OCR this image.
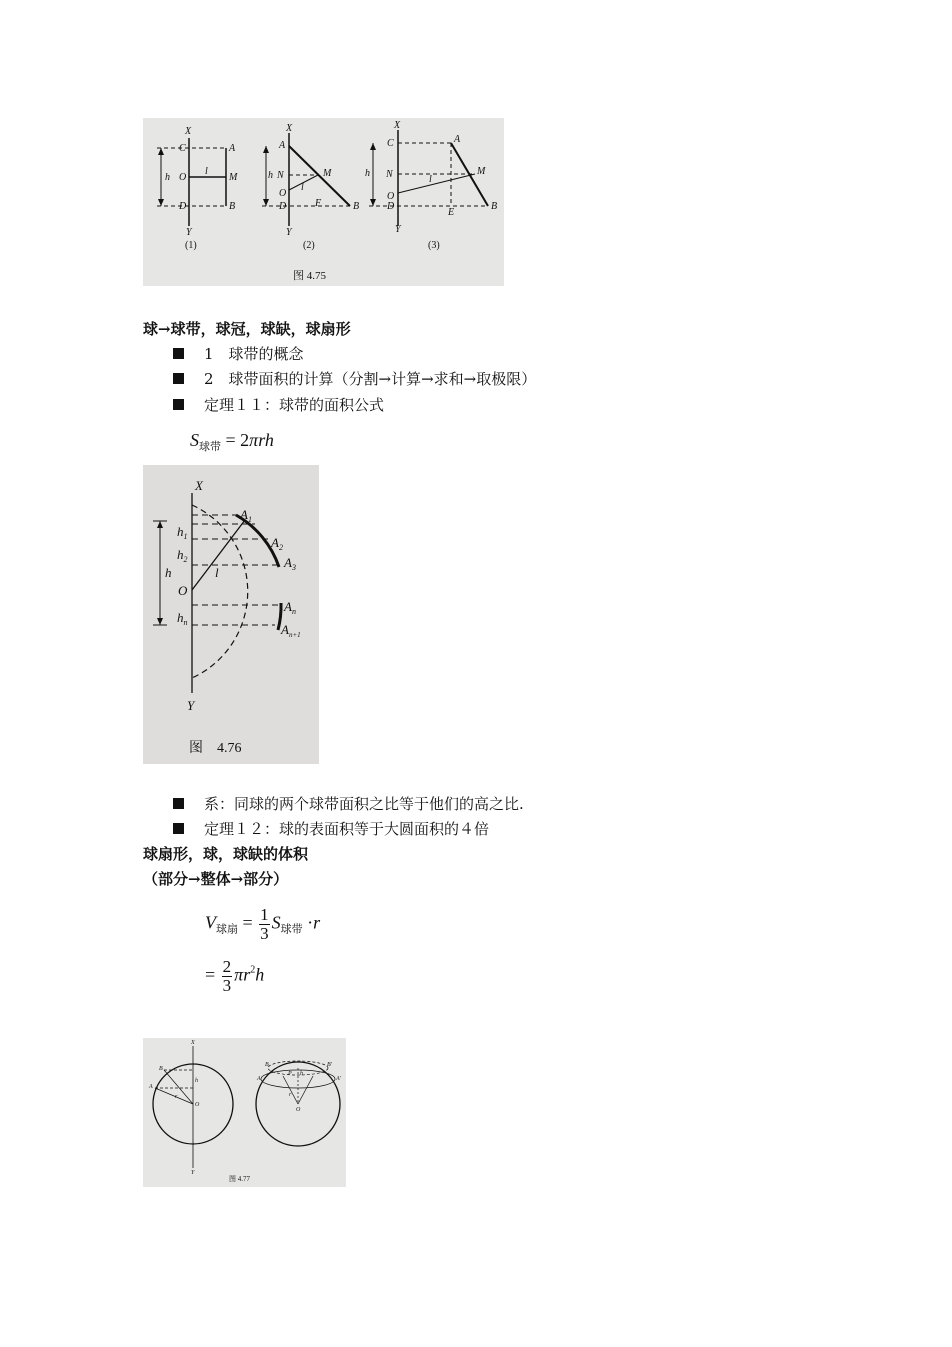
X
C	A
O
l
M
h
D	B
Y
(1)
X
A
h N	M
l
O
D	F	B
Y
(2)
X
C	A
h N	M
l
O
D
E
B
Y
(3)
图 4.75
球→球带，球冠，球缺，球扇形
1　球带的概念
2　球带面积的计算（分割→计算→求和→取极限）
定理１１：球带的面积公式
$S_{球带} = 2\pi rh$
X
$h_1$
$h_2$
h
O
l
$h_n$
$A_1$
$A_2$
$A_3$
$A_n$
$A_{n+1}$
Y
图　4.76
系：同球的两个球带面积之比等于他们的高之比.
定理１２：球的表面积等于大圆面积的４倍
球扇形，球，球缺的体积
（部分→整体→部分）
$V_{球扇} = \frac{1}{3} S_{球带} \cdot r$
= $\frac{2}{3} \pi r^2h$
X
B
A
h
r
O
Y
B	B'
A	A'
h
P
r
O
图 4.77
